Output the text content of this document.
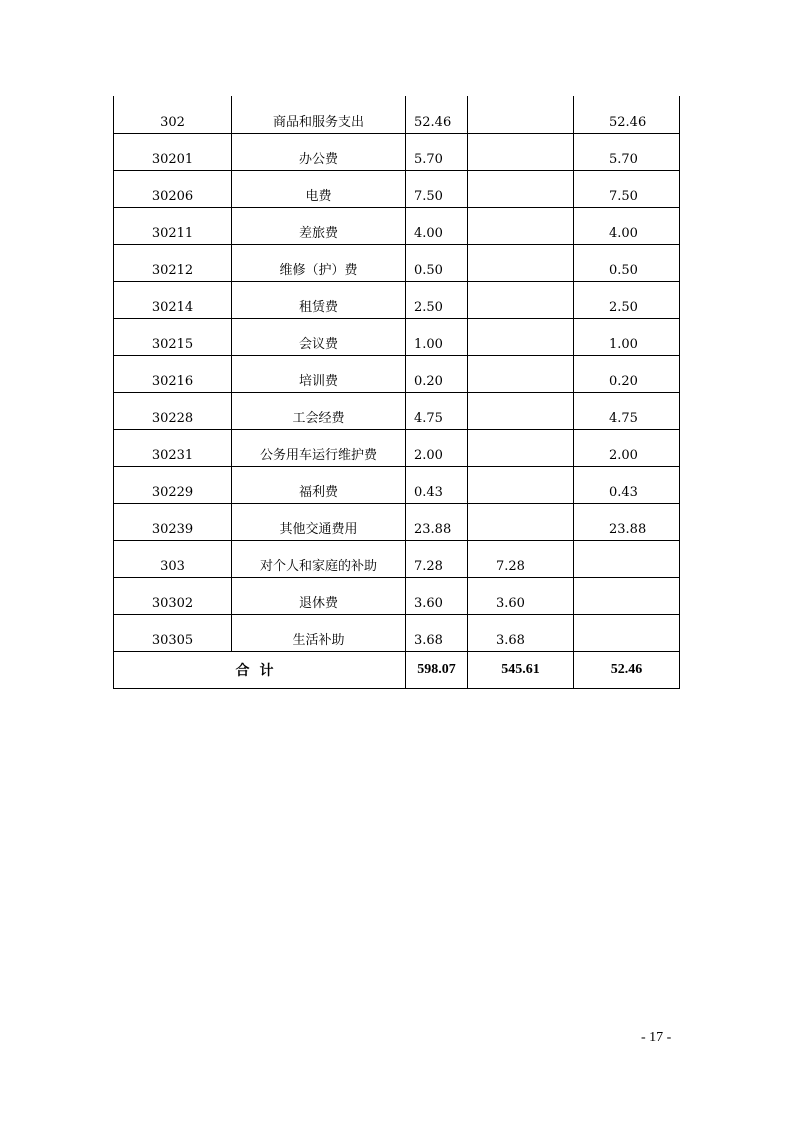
302	商品和服务支出	52.46		52.46
30201	办公费	5.70		5.70
30206	电费	7.50		7.50
30211	差旅费	4.00		4.00
30212	维修（护）费	0.50		0.50
30214	租赁费	2.50		2.50
30215	会议费	1.00		1.00
30216	培训费	0.20		0.20
30228	工会经费	4.75		4.75
30231	公务用车运行维护费	2.00		2.00
30229	福利费	0.43		0.43
30239	其他交通费用	23.88		23.88
303	对个人和家庭的补助	7.28	7.28	
30302	退休费	3.60	3.60	
30305	生活补助	3.68	3.68	
合计		598.07	545.61	52.46
- 17 -
